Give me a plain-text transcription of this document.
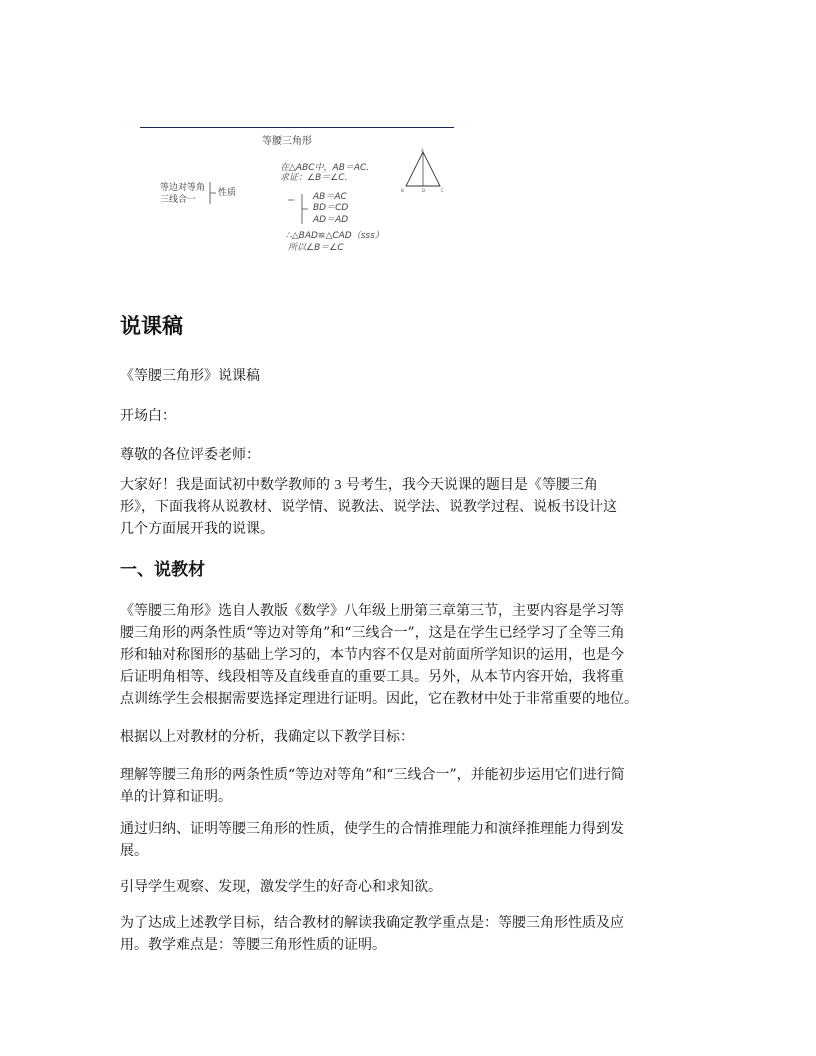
等腰三角形
等边对等角
三线合一
性质
在△ABC中，AB＝AC.
求证：∠B＝∠C.
AB＝AC
BD＝CD
AD＝AD
∴△BAD≌△CAD（sss）
所以∠B＝∠C
A
B	D	C
说课稿

《等腰三角形》说课稿

开场白：

尊敬的各位评委老师：

大家好！我是面试初中数学教师的 3 号考生，我今天说课的题目是《等腰三角

形》，下面我将从说教材、说学情、说教法、说学法、说教学过程、说板书设计这

几个方面展开我的说课。

一、说教材

《等腰三角形》选自人教版《数学》八年级上册第三章第三节，主要内容是学习等

腰三角形的两条性质“等边对等角”和“三线合一”，这是在学生已经学习了全等三角

形和轴对称图形的基础上学习的，本节内容不仅是对前面所学知识的运用，也是今

后证明角相等、线段相等及直线垂直的重要工具。另外，从本节内容开始，我将重

点训练学生会根据需要选择定理进行证明。因此，它在教材中处于非常重要的地位。

根据以上对教材的分析，我确定以下教学目标：

理解等腰三角形的两条性质“等边对等角”和“三线合一”，并能初步运用它们进行简

单的计算和证明。

通过归纳、证明等腰三角形的性质，使学生的合情推理能力和演绎推理能力得到发

展。

引导学生观察、发现，激发学生的好奇心和求知欲。

为了达成上述教学目标，结合教材的解读我确定教学重点是：等腰三角形性质及应

用。教学难点是：等腰三角形性质的证明。
